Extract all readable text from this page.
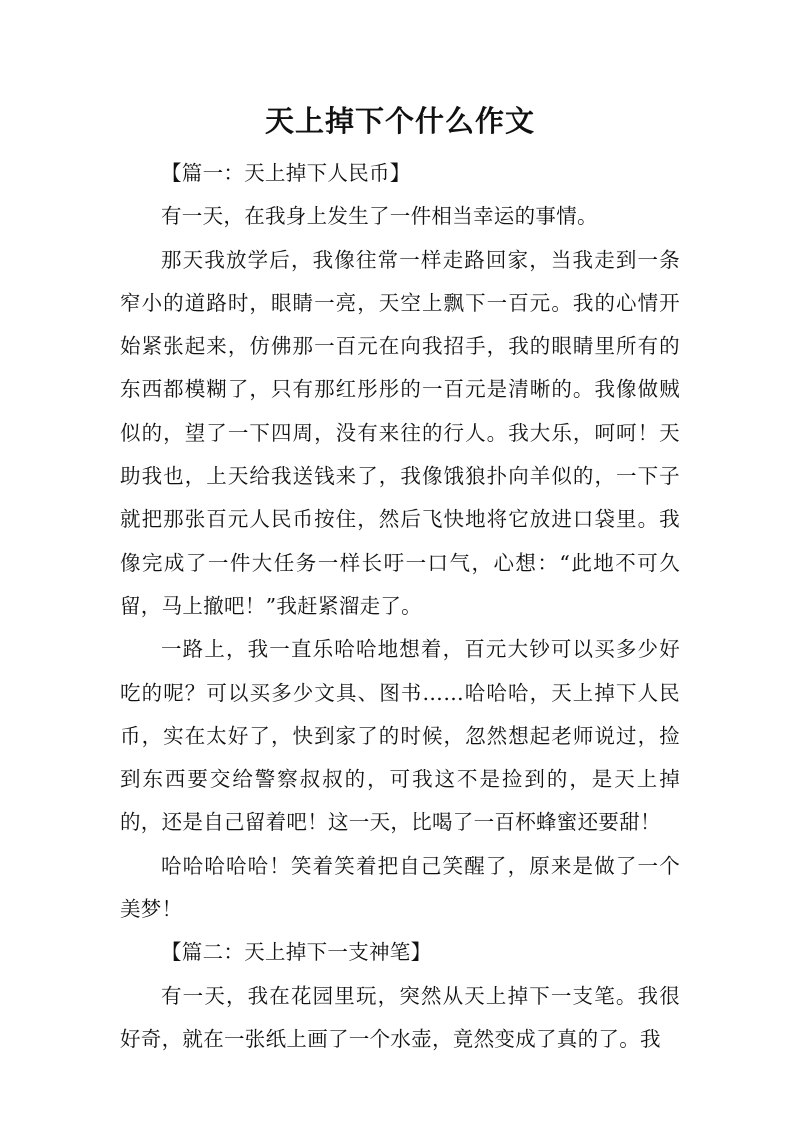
天上掉下个什么作文

【篇一：天上掉下人民币】

有一天，在我身上发生了一件相当幸运的事情。

那天我放学后，我像往常一样走路回家，当我走到一条窄小的道路时，眼睛一亮，天空上飘下一百元。我的心情开始紧张起来，仿佛那一百元在向我招手，我的眼睛里所有的东西都模糊了，只有那红彤彤的一百元是清晰的。我像做贼似的，望了一下四周，没有来往的行人。我大乐，呵呵！天助我也，上天给我送钱来了，我像饿狼扑向羊似的，一下子就把那张百元人民币按住，然后飞快地将它放进口袋里。我像完成了一件大任务一样长吁一口气，心想：“此地不可久留，马上撤吧！”我赶紧溜走了。

一路上，我一直乐哈哈地想着，百元大钞可以买多少好吃的呢？可以买多少文具、图书……哈哈哈，天上掉下人民币，实在太好了，快到家了的时候，忽然想起老师说过，捡到东西要交给警察叔叔的，可我这不是捡到的，是天上掉的，还是自己留着吧！这一天，比喝了一百杯蜂蜜还要甜！

哈哈哈哈哈！笑着笑着把自己笑醒了，原来是做了一个美梦！

【篇二：天上掉下一支神笔】

有一天，我在花园里玩，突然从天上掉下一支笔。我很好奇，就在一张纸上画了一个水壶，竟然变成了真的了。我
